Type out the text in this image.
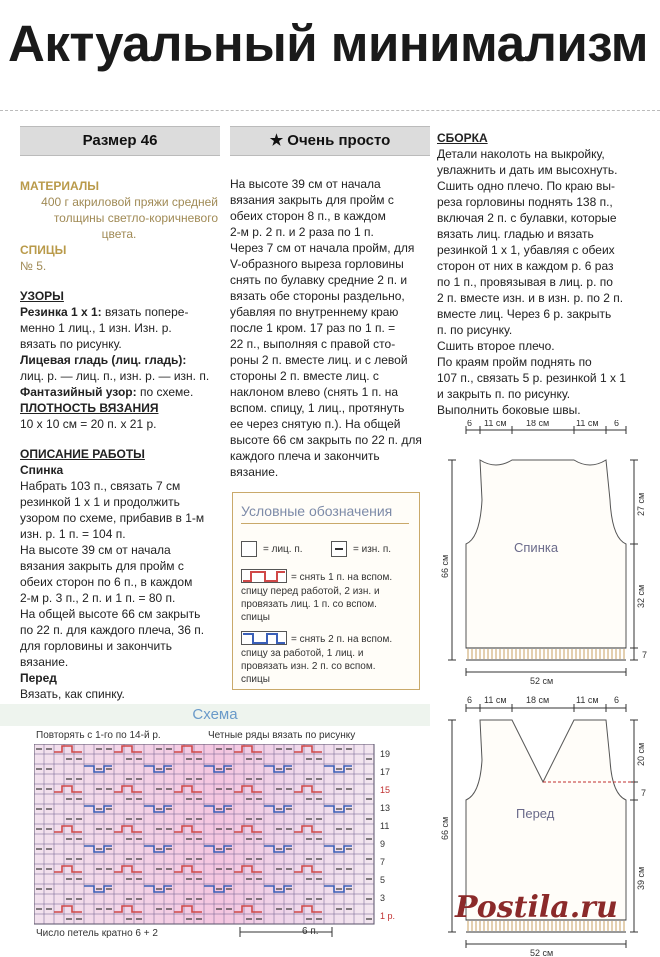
Актуальный минимализм
Размер 46	★ Очень просто

МАТЕРИАЛЫ

400 г акриловой пряжи средней

толщины светло-коричневого

цвета.

СПИЦЫ

№ 5.

УЗОРЫ

Резинка 1 х 1: вязать попере-

менно 1 лиц., 1 изн. Изн. р.

вязать по рисунку.

Лицевая гладь (лиц. гладь):

лиц. р. — лиц. п., изн. р. — изн. п.

Фантазийный узор: по схеме.

ПЛОТНОСТЬ ВЯЗАНИЯ

10 х 10 см = 20 п. х 21 р.

ОПИСАНИЕ РАБОТЫ

Спинка

Набрать 103 п., связать 7 см

резинкой 1 х 1 и продолжить

узором по схеме, прибавив в 1-м

изн. р. 1 п. = 104 п.

На высоте 39 см от начала

вязания закрыть для пройм с

обеих сторон по 6 п., в каждом

2-м р. 3 п., 2 п. и 1 п. = 80 п.

На общей высоте 66 см закрыть

по 22 п. для каждого плеча, 36 п.

для горловины и закончить

вязание.

Перед

Вязать, как спинку.

На высоте 39 см от начала

вязания закрыть для пройм с

обеих сторон 8 п., в каждом

2-м р. 2 п. и 2 раза по 1 п.

Через 7 см от начала пройм, для

V-образного выреза горловины

снять по булавку средние 2 п. и

вязать обе стороны раздельно,

убавляя по внутреннему краю

после 1 кром. 17 раз по 1 п. =

22 п., выполняя с правой сто-

роны 2 п. вместе лиц. и с левой

стороны 2 п. вместе лиц. с

наклоном влево (снять 1 п. на

вспом. спицу, 1 лиц., протянуть

ее через снятую п.). На общей

высоте 66 см закрыть по 22 п. для

каждого плеча и закончить

вязание.

СБОРКА

Детали наколоть на выкройку,

увлажнить и дать им высохнуть.

Сшить одно плечо. По краю вы-

реза горловины поднять 138 п.,

включая 2 п. с булавки, которые

вязать лиц. гладью и вязать

резинкой 1 х 1, убавляя с обеих

сторон от них в каждом р. 6 раз

по 1 п., провязывая в лиц. р. по

2 п. вместе изн. и в изн. р. по 2 п.

вместе лиц. Через 6 р. закрыть

п. по рисунку.

Сшить второе плечо.

По краям пройм поднять по

107 п., связать 5 р. резинкой 1 х 1

и закрыть п. по рисунку.

Выполнить боковые швы.

Условные обозначения
= лиц. п.	= изн. п.
= снять 1 п. на вспом.
спицу перед работой, 2 изн. и
провязать лиц. 1 п. со вспом.
спицы
= снять 2 п. на вспом.
спицу за работой, 1 лиц. и
провязать изн. 2 п. со вспом.
спицы
Схема
Повторять с 1-го по 14-й р.	Четные ряды вязать по рисунку
19
17
15
13
11
9
7
5
3
1 р.
Число петель кратно 6 + 2	6 п.
Спинка
6 11 см 18 см	11 см 6
27 см
32 см
7
66 см
52 см
Перед
6 11 см 18 см	11 см 6
20 см
7
39 см
66 см
52 см
Postila.ru
